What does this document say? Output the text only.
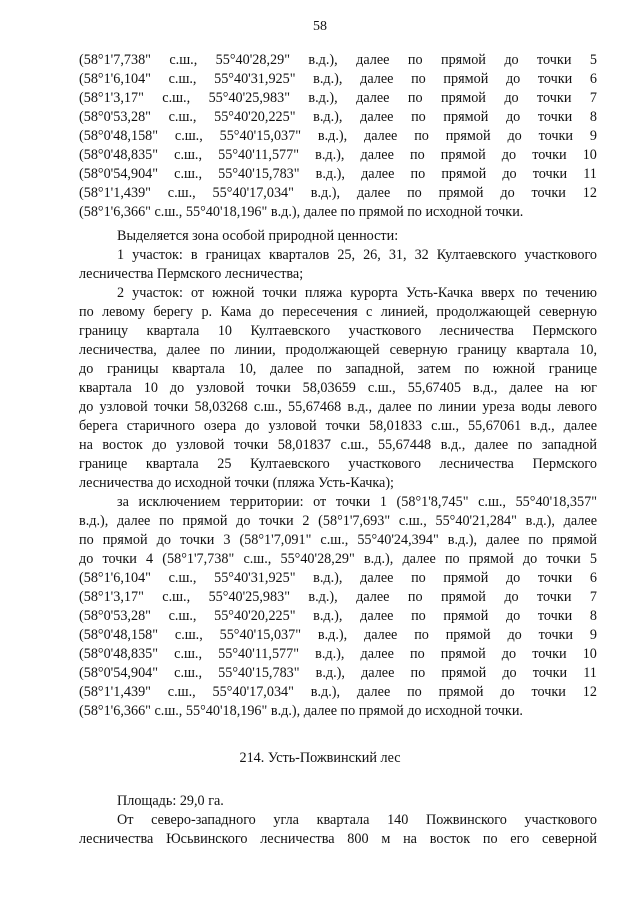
58
(58°1'7,738" с.ш., 55°40'28,29" в.д.), далее по прямой до точки 5
(58°1'6,104" с.ш., 55°40'31,925" в.д.), далее по прямой до точки 6
(58°1'3,17" с.ш., 55°40'25,983" в.д.), далее по прямой до точки 7
(58°0'53,28" с.ш., 55°40'20,225" в.д.), далее по прямой до точки 8
(58°0'48,158" с.ш., 55°40'15,037" в.д.), далее по прямой до точки 9
(58°0'48,835" с.ш., 55°40'11,577" в.д.), далее по прямой до точки 10
(58°0'54,904" с.ш., 55°40'15,783" в.д.), далее по прямой до точки 11
(58°1'1,439" с.ш., 55°40'17,034" в.д.), далее по прямой до точки 12
(58°1'6,366" с.ш., 55°40'18,196" в.д.), далее по прямой по исходной точки.
Выделяется зона особой природной ценности:
1 участок: в границах кварталов 25, 26, 31, 32 Култаевского участкового
лесничества Пермского лесничества;
2 участок: от южной точки пляжа курорта Усть-Качка вверх по течению
по левому берегу р. Кама до пересечения с линией, продолжающей северную
границу квартала 10 Култаевского участкового лесничества Пермского
лесничества, далее по линии, продолжающей северную границу квартала 10,
до границы квартала 10, далее по западной, затем по южной границе
квартала 10 до узловой точки 58,03659 с.ш., 55,67405 в.д., далее на юг
до узловой точки 58,03268 с.ш., 55,67468 в.д., далее по линии уреза воды левого
берега старичного озера до узловой точки 58,01833 с.ш., 55,67061 в.д., далее
на восток до узловой точки 58,01837 с.ш., 55,67448 в.д., далее по западной
границе квартала 25 Култаевского участкового лесничества Пермского
лесничества до исходной точки (пляжа Усть-Качка);
за исключением территории: от точки 1 (58°1'8,745" с.ш., 55°40'18,357"
в.д.), далее по прямой до точки 2 (58°1'7,693" с.ш., 55°40'21,284" в.д.), далее
по прямой до точки 3 (58°1'7,091" с.ш., 55°40'24,394" в.д.), далее по прямой
до точки 4 (58°1'7,738" с.ш., 55°40'28,29" в.д.), далее по прямой до точки 5
(58°1'6,104" с.ш., 55°40'31,925" в.д.), далее по прямой до точки 6
(58°1'3,17" с.ш., 55°40'25,983" в.д.), далее по прямой до точки 7
(58°0'53,28" с.ш., 55°40'20,225" в.д.), далее по прямой до точки 8
(58°0'48,158" с.ш., 55°40'15,037" в.д.), далее по прямой до точки 9
(58°0'48,835" с.ш., 55°40'11,577" в.д.), далее по прямой до точки 10
(58°0'54,904" с.ш., 55°40'15,783" в.д.), далее по прямой до точки 11
(58°1'1,439" с.ш., 55°40'17,034" в.д.), далее по прямой до точки 12
(58°1'6,366" с.ш., 55°40'18,196" в.д.), далее по прямой до исходной точки.
214. Усть-Пожвинский лес
Площадь: 29,0 га.
От северо-западного угла квартала 140 Пожвинского участкового
лесничества Юсьвинского лесничества 800 м на восток по его северной
